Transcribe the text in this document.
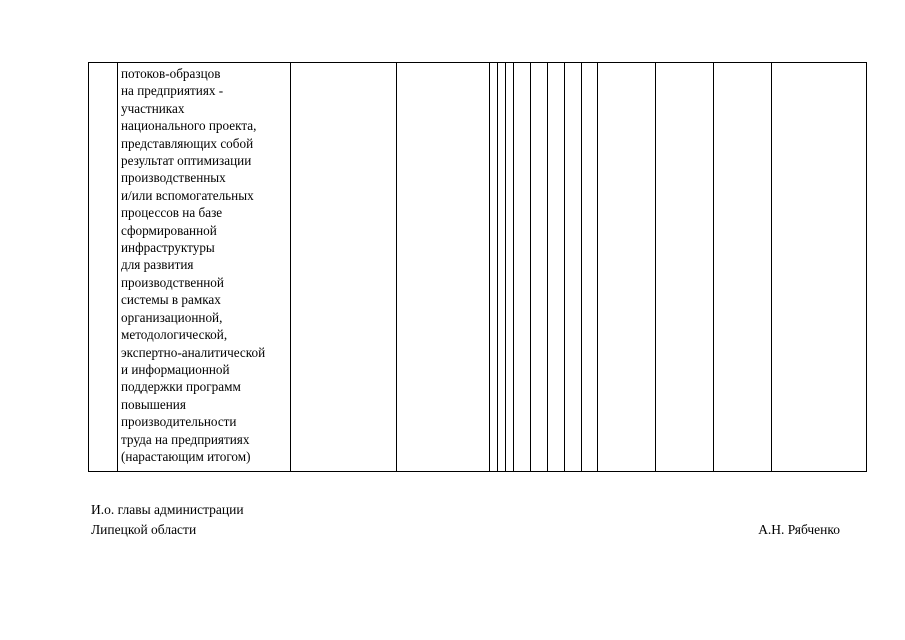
	потоков-образцов
на предприятиях -
участниках
национального проекта,
представляющих собой
результат оптимизации
производственных
и/или вспомогательных
процессов на базе
сформированной
инфраструктуры
для развития
производственной
системы в рамках
организационной,
методологической,
экспертно-аналитической
и информационной
поддержки программ
повышения
производительности
труда на предприятиях
(нарастающим итогом)														
И.о. главы администрации
Липецкой области	А.Н. Рябченко
